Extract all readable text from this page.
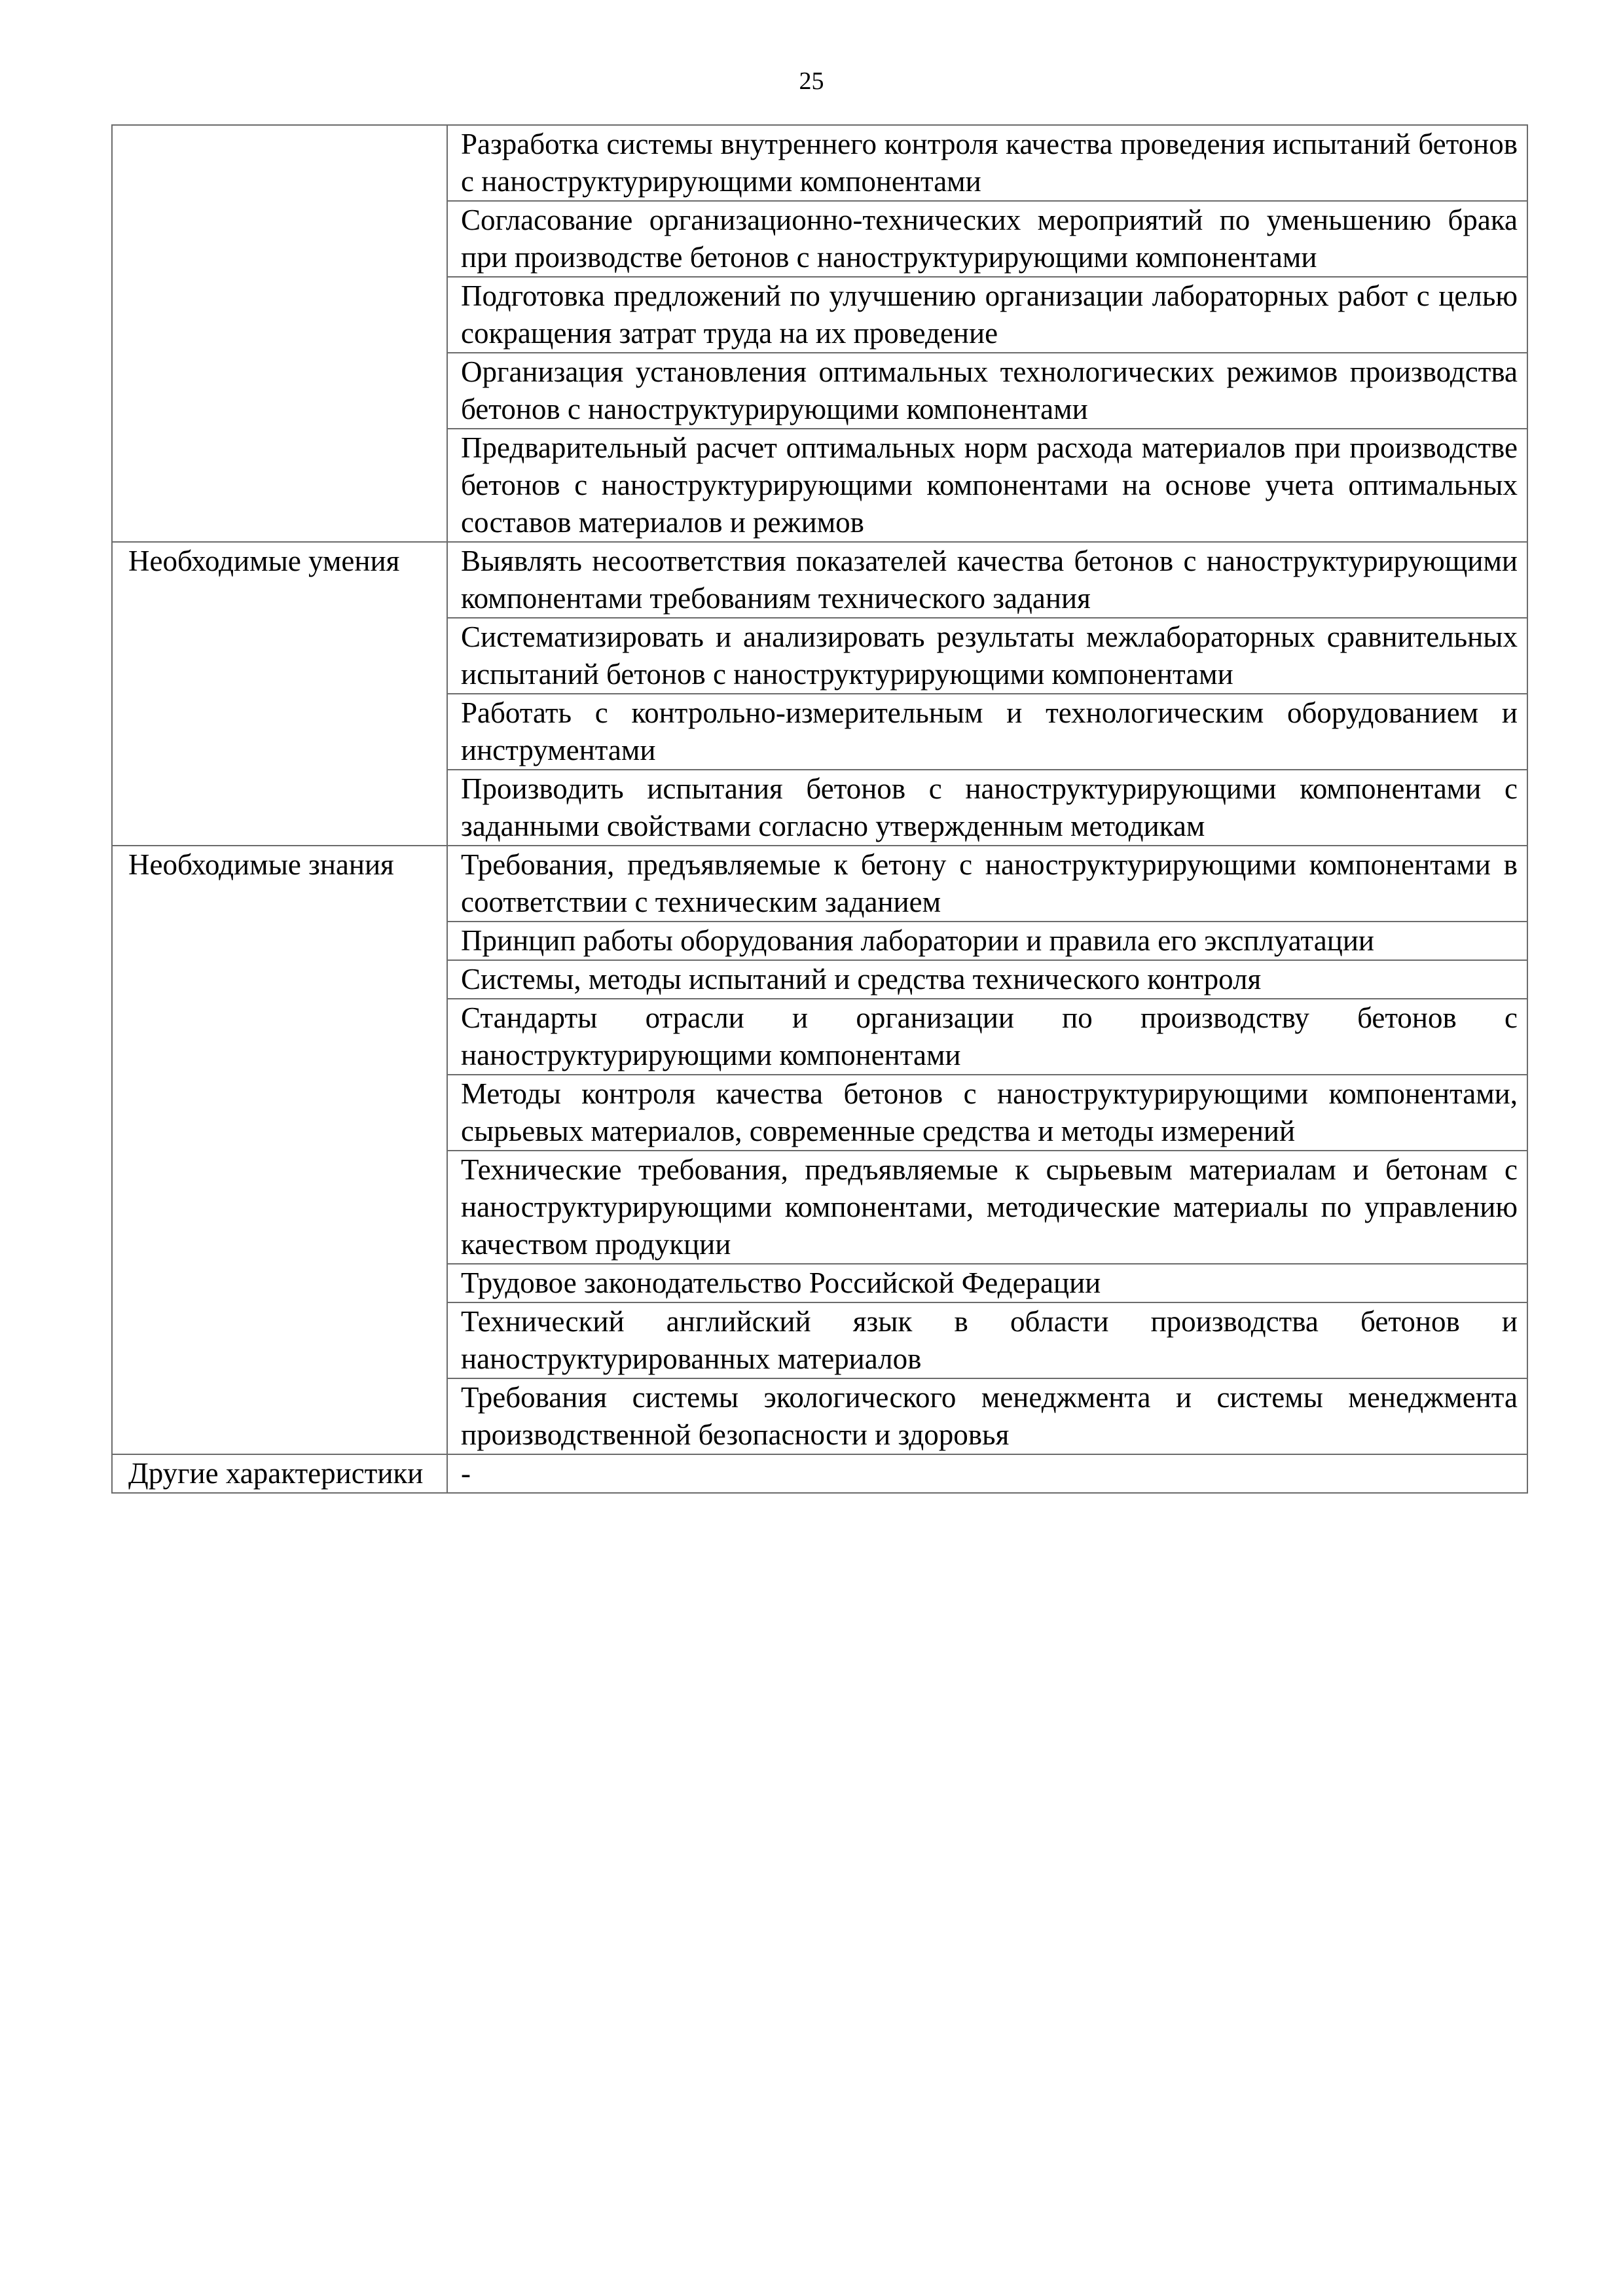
25
	Разработка системы внутреннего контроля качества проведения испытаний бетонов с наноструктурирующими компонентами
	Согласование организационно-технических мероприятий по уменьшению брака при производстве бетонов с наноструктурирующими компонентами
	Подготовка предложений по улучшению организации лабораторных работ с целью сокращения затрат труда на их проведение
	Организация установления оптимальных технологических режимов производства бетонов с наноструктурирующими компонентами
	Предварительный расчет оптимальных норм расхода материалов при производстве бетонов с наноструктурирующими компонентами на основе учета оптимальных составов материалов и режимов
Необходимые умения	Выявлять несоответствия показателей качества бетонов с наноструктурирующими компонентами требованиям технического задания
	Систематизировать и анализировать результаты межлабораторных сравнительных испытаний бетонов с наноструктурирующими компонентами
	Работать с контрольно-измерительным и технологическим оборудованием и инструментами
	Производить испытания бетонов с наноструктурирующими компонентами с заданными свойствами согласно утвержденным методикам
Необходимые знания	Требования, предъявляемые к бетону с наноструктурирующими компонентами в соответствии с техническим заданием
	Принцип работы оборудования лаборатории и правила его эксплуатации
	Системы, методы испытаний и средства технического контроля
	Стандарты отрасли и организации по производству бетонов с наноструктурирующими компонентами
	Методы контроля качества бетонов с наноструктурирующими компонентами, сырьевых материалов, современные средства и методы измерений
	Технические требования, предъявляемые к сырьевым материалам и бетонам с наноструктурирующими компонентами, методические материалы по управлению качеством продукции
	Трудовое законодательство Российской Федерации
	Технический английский язык в области производства бетонов и наноструктурированных материалов
	Требования системы экологического менеджмента и системы менеджмента производственной безопасности и здоровья
Другие характеристики	-
